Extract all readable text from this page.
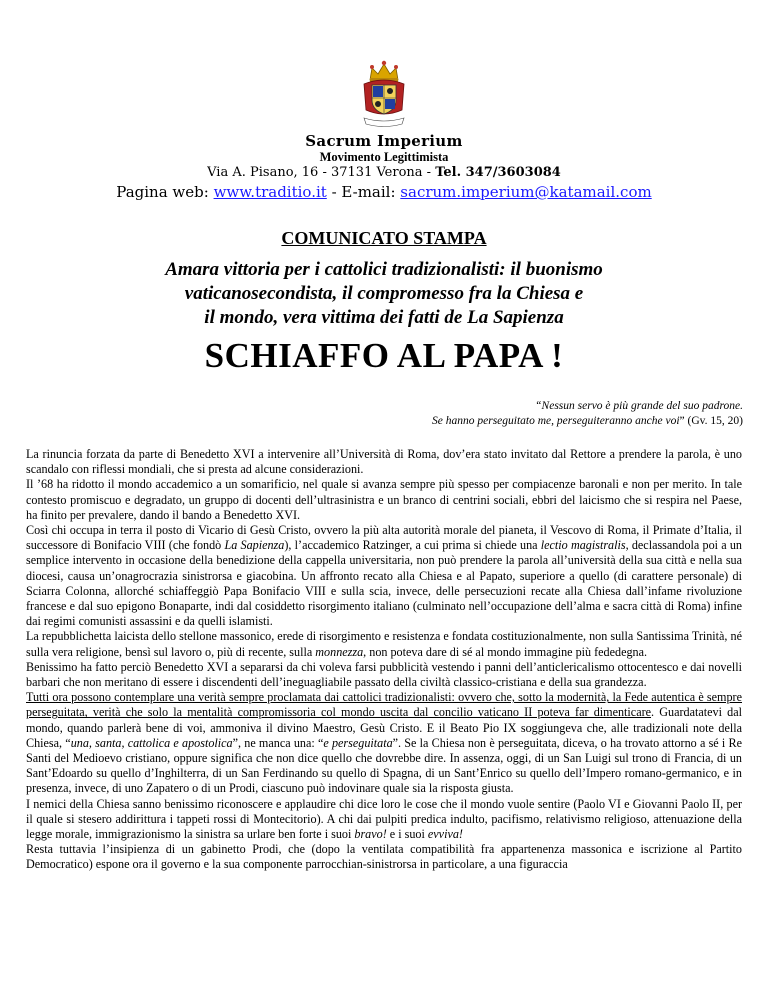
Sacrum Imperium
Movimento Legittimista
Via A. Pisano, 16 - 37131 Verona - Tel. 347/3603084
Pagina web: www.traditio.it - E-mail: sacrum.imperium@katamail.com
COMUNICATO STAMPA
Amara vittoria per i cattolici tradizionalisti: il buonismo
vaticanosecondista, il compromesso fra la Chiesa e
il mondo, vera vittima dei fatti de La Sapienza
SCHIAFFO AL PAPA !
“Nessun servo è più grande del suo padrone.
Se hanno perseguitato me, perseguiteranno anche voi” (Gv. 15, 20)

La rinuncia forzata da parte di Benedetto XVI a intervenire all’Università di Roma, dov’era stato invitato dal Rettore a prendere la parola, è uno scandalo con riflessi mondiali, che si presta ad alcune considerazioni.

Il ’68 ha ridotto il mondo accademico a un somarificio, nel quale si avanza sempre più spesso per compiacenze baronali e non per merito. In tale contesto promiscuo e degradato, un gruppo di docenti dell’ultrasinistra e un branco di centrini sociali, ebbri del laicismo che si respira nel Paese, ha finito per prevalere, dando il bando a Benedetto XVI.

Così chi occupa in terra il posto di Vicario di Gesù Cristo, ovvero la più alta autorità morale del pianeta, il Vescovo di Roma, il Primate d’Italia, il successore di Bonifacio VIII (che fondò La Sapienza), l’accademico Ratzinger, a cui prima si chiede una lectio magistralis, declassandola poi a un semplice intervento in occasione della benedizione della cappella universitaria, non può prendere la parola all’università della sua città e nella sua diocesi, causa un’onagrocrazia sinistrorsa e giacobina. Un affronto recato alla Chiesa e al Papato, superiore a quello (di carattere personale) di Sciarra Colonna, allorché schiaffeggiò Papa Bonifacio VIII e sulla scia, invece, delle persecuzioni recate alla Chiesa dall’infame rivoluzione francese e dal suo epigono Bonaparte, indi dal cosiddetto risorgimento italiano (culminato nell’occupazione dell’alma e sacra città di Roma) infine dai regimi comunisti assassini e da quelli islamisti.

La repubblichetta laicista dello stellone massonico, erede di risorgimento e resistenza e fondata costituzionalmente, non sulla Santissima Trinità, né sulla vera religione, bensì sul lavoro o, più di recente, sulla monnezza, non poteva dare di sé al mondo immagine più fededegna.

Benissimo ha fatto perciò Benedetto XVI a separarsi da chi voleva farsi pubblicità vestendo i panni dell’anticlericalismo ottocentesco e dai novelli barbari che non meritano di essere i discendenti dell’ineguagliabile passato della civiltà classico-cristiana e della sua grandezza.

Tutti ora possono contemplare una verità sempre proclamata dai cattolici tradizionalisti: ovvero che, sotto la modernità, la Fede autentica è sempre perseguitata, verità che solo la mentalità compromissoria col mondo uscita dal concilio vaticano II poteva far dimenticare. Guardatatevi dal mondo, quando parlerà bene di voi, ammoniva il divino Maestro, Gesù Cristo. E il Beato Pio IX soggiungeva che, alle tradizionali note della Chiesa, “una, santa, cattolica e apostolica”, ne manca una: “e perseguitata”. Se la Chiesa non è perseguitata, diceva, o ha trovato attorno a sé i Re Santi del Medioevo cristiano, oppure significa che non dice quello che dovrebbe dire. In assenza, oggi, di un San Luigi sul trono di Francia, di un Sant’Edoardo su quello d’Inghilterra, di un San Ferdinando su quello di Spagna, di un Sant’Enrico su quello dell’Impero romano-germanico, e in presenza, invece, di uno Zapatero o di un Prodi, ciascuno può indovinare quale sia la risposta giusta.

I nemici della Chiesa sanno benissimo riconoscere e applaudire chi dice loro le cose che il mondo vuole sentire (Paolo VI e Giovanni Paolo II, per il quale si stesero addirittura i tappeti rossi di Montecitorio). A chi dai pulpiti predica indulto, pacifismo, relativismo religioso, attenuazione della legge morale, immigrazionismo la sinistra sa urlare ben forte i suoi bravo! e i suoi evviva!

Resta tuttavia l’insipienza di un gabinetto Prodi, che (dopo la ventilata compatibilità fra appartenenza massonica e iscrizione al Partito Democratico) espone ora il governo e la sua componente parrocchian-sinistrorsa in particolare, a una figuraccia
